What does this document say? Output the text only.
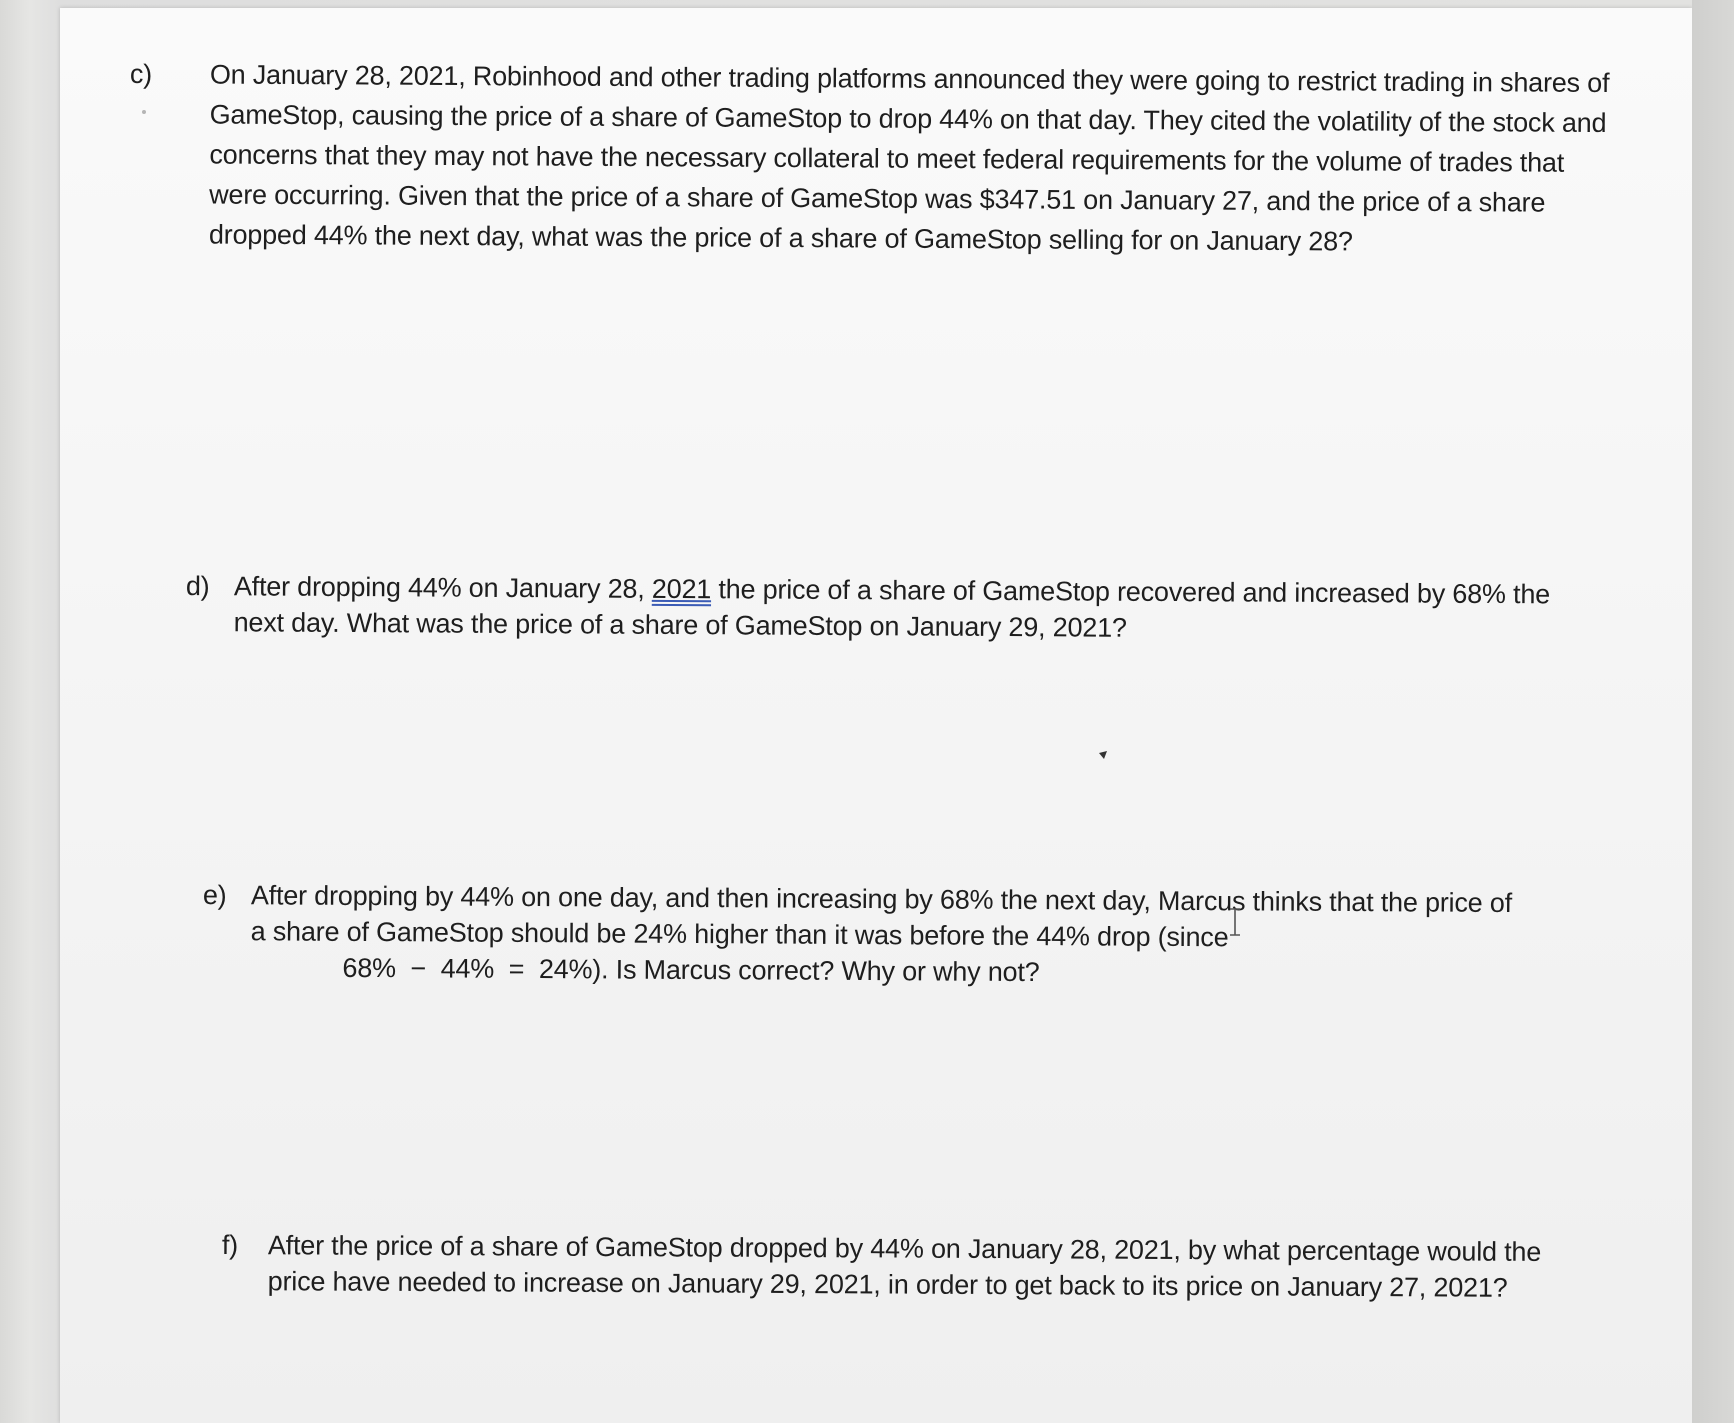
c) On January 28, 2021, Robinhood and other trading platforms announced they were going to restrict trading in shares of GameStop, causing the price of a share of GameStop to drop 44% on that day. They cited the volatility of the stock and concerns that they may not have the necessary collateral to meet federal requirements for the volume of trades that were occurring. Given that the price of a share of GameStop was $347.51 on January 27, and the price of a share dropped 44% the next day, what was the price of a share of GameStop selling for on January 28?
d) After dropping 44% on January 28, 2021 the price of a share of GameStop recovered and increased by 68% the next day. What was the price of a share of GameStop on January 29, 2021?
e) After dropping by 44% on one day, and then increasing by 68% the next day, Marcus thinks that the price of a share of GameStop should be 24% higher than it was before the 44% drop (since
68%  −  44%  =  24%). Is Marcus correct? Why or why not?
f) After the price of a share of GameStop dropped by 44% on January 28, 2021, by what percentage would the price have needed to increase on January 29, 2021, in order to get back to its price on January 27, 2021?
